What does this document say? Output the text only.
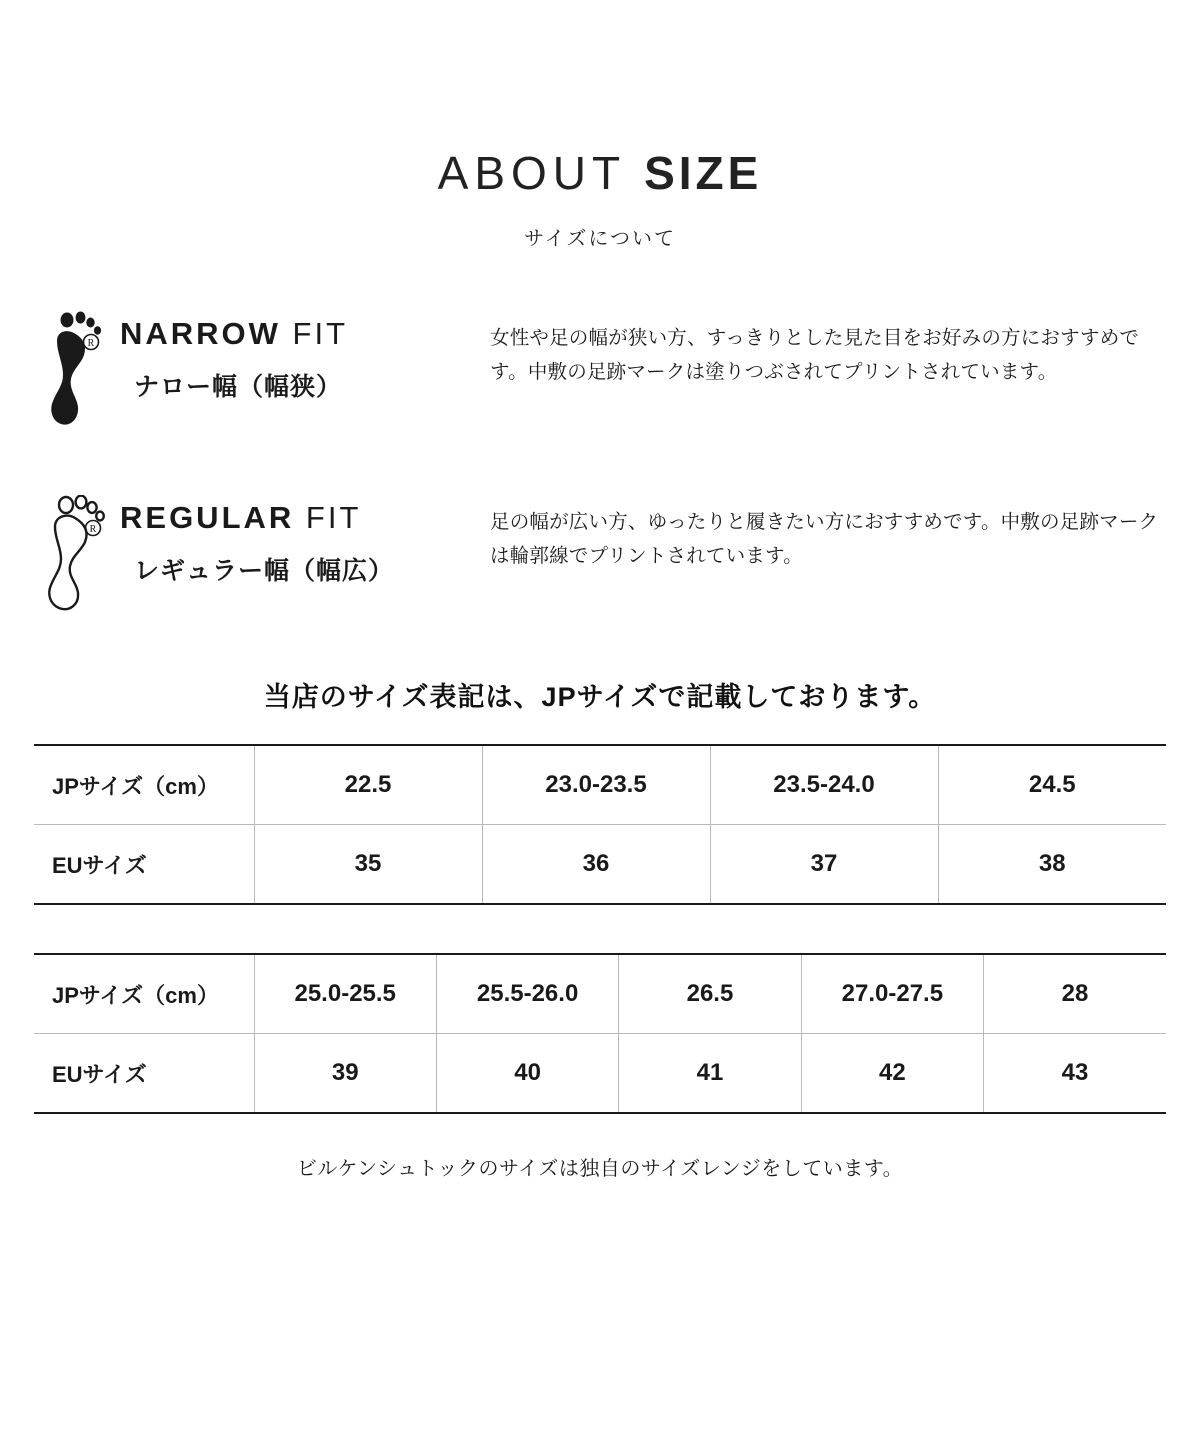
ABOUT SIZE
サイズについて
R NARROW FIT
ナロー幅（幅狭）
女性や足の幅が狭い方、すっきりとした見た目をお好みの方におすすめです。中敷の足跡マークは塗りつぶされてプリントされています。
R REGULAR FIT
レギュラー幅（幅広）
足の幅が広い方、ゆったりと履きたい方におすすめです。中敷の足跡マークは輪郭線でプリントされています。
当店のサイズ表記は、JPサイズで記載しております。
JPサイズ（cm）	22.5	23.0-23.5	23.5-24.0	24.5
EUサイズ	35	36	37	38
JPサイズ（cm）	25.0-25.5	25.5-26.0	26.5	27.0-27.5	28
EUサイズ	39	40	41	42	43
ビルケンシュトックのサイズは独自のサイズレンジをしています。
